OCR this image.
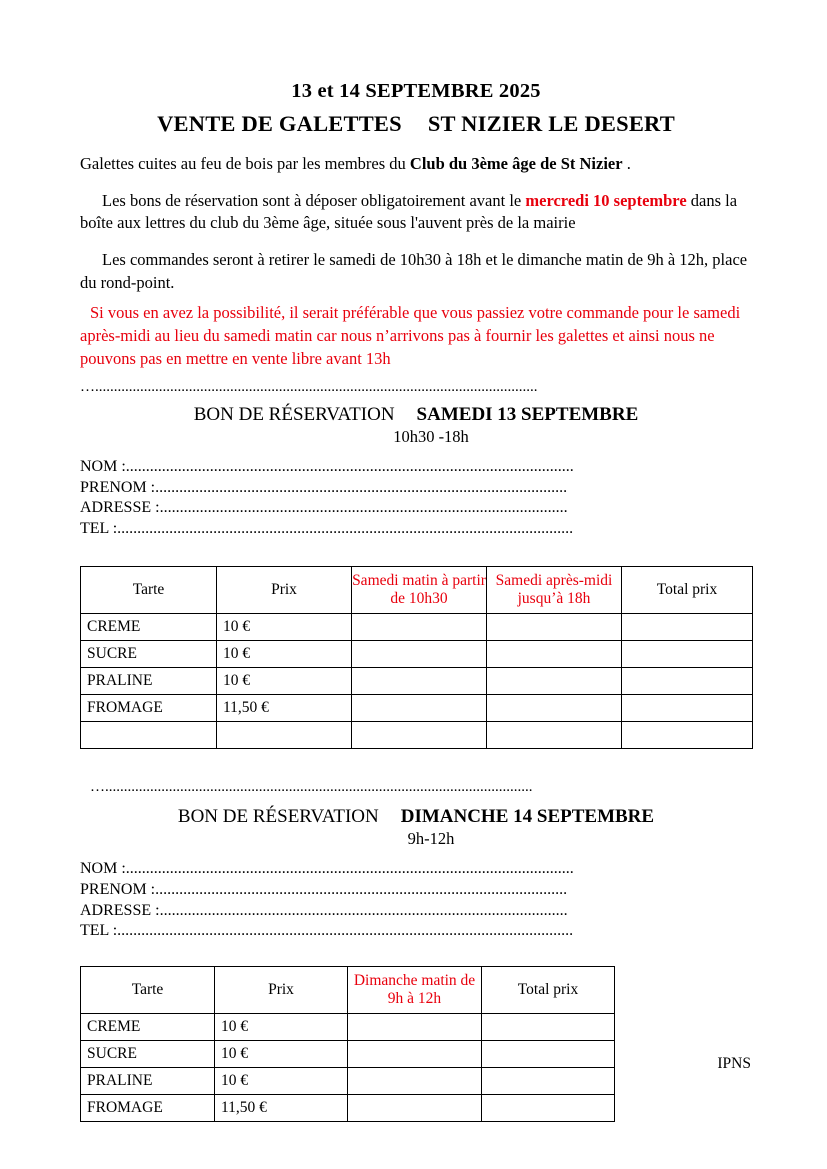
13 et 14 SEPTEMBRE 2025
VENTE DE GALETTES ST NIZIER LE DESERT
Galettes cuites au feu de bois par les membres du Club du 3ème âge de St Nizier .
Les bons de réservation sont à déposer obligatoirement avant le mercredi 10 septembre dans la boîte aux lettres du club du 3ème âge, située sous l'auvent près de la mairie
Les commandes seront à retirer le samedi de 10h30 à 18h et le dimanche matin de 9h à 12h, place du rond-point.
Si vous en avez la possibilité, il serait préférable que vous passiez votre commande pour le samedi après-midi au lieu du samedi matin car nous n’arrivons pas à fournir les galettes et ainsi nous ne pouvons pas en mettre en vente libre avant 13h
…......................................................................................................................
BON DE RÉSERVATION SAMEDI 13 SEPTEMBRE
10h30 -18h
NOM :................................................................................................................
PRENOM :.......................................................................................................
ADRESSE :......................................................................................................
TEL :..................................................................................................................
Tarte	Prix	Samedi matin à partir de 10h30	Samedi après-midi jusqu’à 18h	Total prix
CREME	10 €			
SUCRE	10 €			
PRALINE	10 €			
FROMAGE	11,50 €			

…..................................................................................................................
BON DE RÉSERVATION DIMANCHE 14 SEPTEMBRE
9h-12h
NOM :................................................................................................................
PRENOM :.......................................................................................................
ADRESSE :......................................................................................................
TEL :..................................................................................................................
Tarte	Prix	Dimanche matin de 9h à 12h	Total prix
CREME	10 €		
SUCRE	10 €		
PRALINE	10 €		
FROMAGE	11,50 €		
IPNS
